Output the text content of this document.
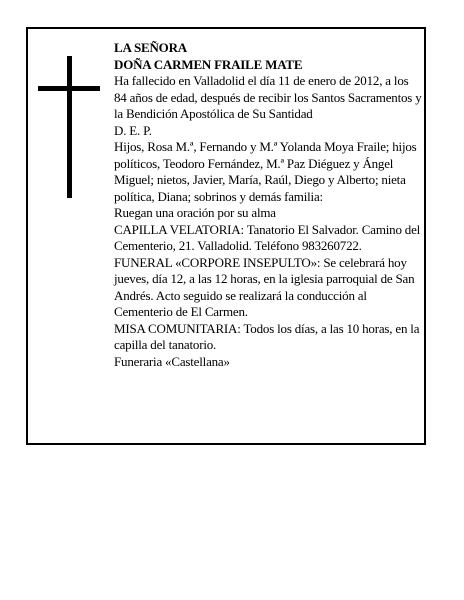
LA SEÑORA

DOÑA CARMEN FRAILE MATE

Ha fallecido en Valladolid el día 11 de enero de 2012, a los 84 años de edad, después de recibir los Santos Sacramentos y la Bendición Apostólica de Su Santidad

D. E. P.

Hijos, Rosa M.ª, Fernando y M.ª Yolanda Moya Fraile; hijos políticos, Teodoro Fernández, M.ª Paz Diéguez y Ángel Miguel; nietos, Javier, María, Raúl, Diego y Alberto; nieta política, Diana; sobrinos y demás familia:

Ruegan una oración por su alma

CAPILLA VELATORIA: Tanatorio El Salvador. Camino del Cementerio, 21. Valladolid. Teléfono 983260722.

FUNERAL «CORPORE INSEPULTO»: Se celebrará hoy jueves, día 12, a las 12 horas, en la iglesia parroquial de San Andrés. Acto seguido se realizará la conducción al Cementerio de El Carmen.

MISA COMUNITARIA: Todos los días, a las 10 horas, en la capilla del tanatorio.

Funeraria «Castellana»
